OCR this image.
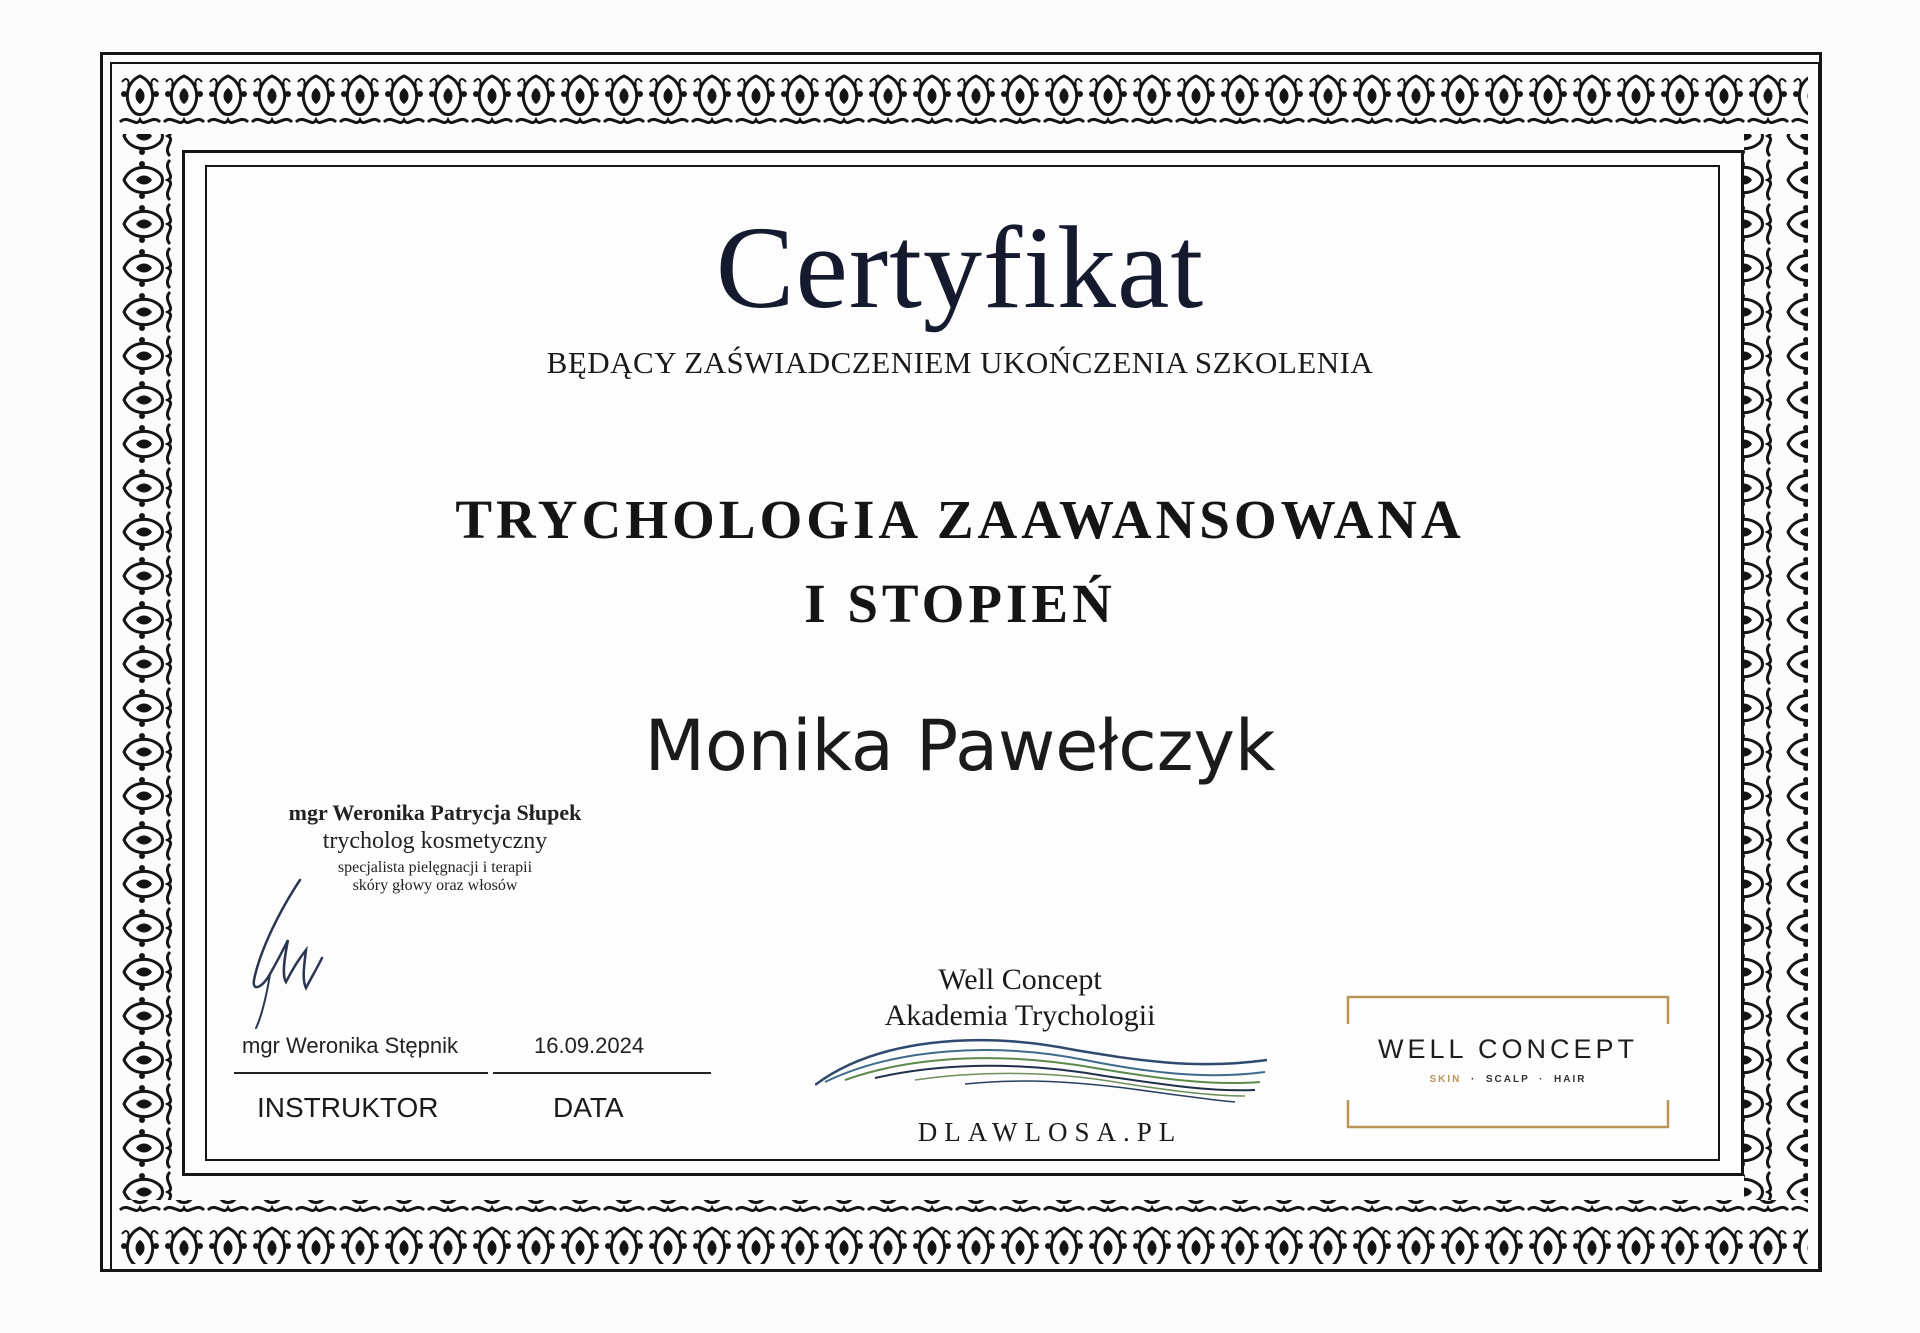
Certyfikat
BĘDĄCY ZAŚWIADCZENIEM UKOŃCZENIA SZKOLENIA
TRYCHOLOGIA ZAAWANSOWANA
I STOPIEŃ
Monika Pawełczyk
mgr Weronika Patrycja Słupek
trycholog kosmetyczny
specjalista pielęgnacji i terapii
skóry głowy oraz włosów
mgr Weronika Stępnik	16.09.2024
INSTRUKTOR	DATA
Well Concept
Akademia Trychologii
DLAWLOSA.PL
WELL CONCEPT
SKIN  ·  SCALP  ·  HAIR
